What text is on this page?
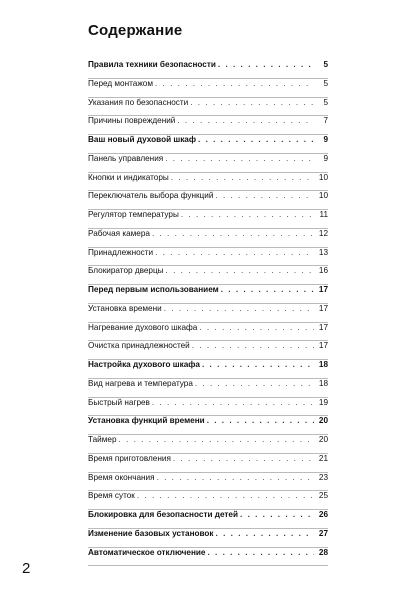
Содержание
Правила техники безопасности . . .	5
Перед монтажом . . .	5
Указания по безопасности . . .	5
Причины повреждений . . .	7
Ваш новый духовой шкаф . . .	9
Панель управления . . .	9
Кнопки и индикаторы . . .	10
Переключатель выбора функций . . .	10
Регулятор температуры . . .	11
Рабочая камера . . .	12
Принадлежности . . .	13
Блокиратор дверцы . . .	16
Перед первым использованием . . .	17
Установка времени . . .	17
Нагревание духового шкафа . . .	17
Очистка принадлежностей . . .	17
Настройка духового шкафа . . .	18
Вид нагрева и температура . . .	18
Быстрый нагрев . . .	19
Установка функций времени . . .	20
Таймер . . .	20
Время приготовления . . .	21
Время окончания . . .	23
Время суток . . .	25
Блокировка для безопасности детей . . .	26
Изменение базовых установок . . .	27
Автоматическое отключение . . .	28
2
